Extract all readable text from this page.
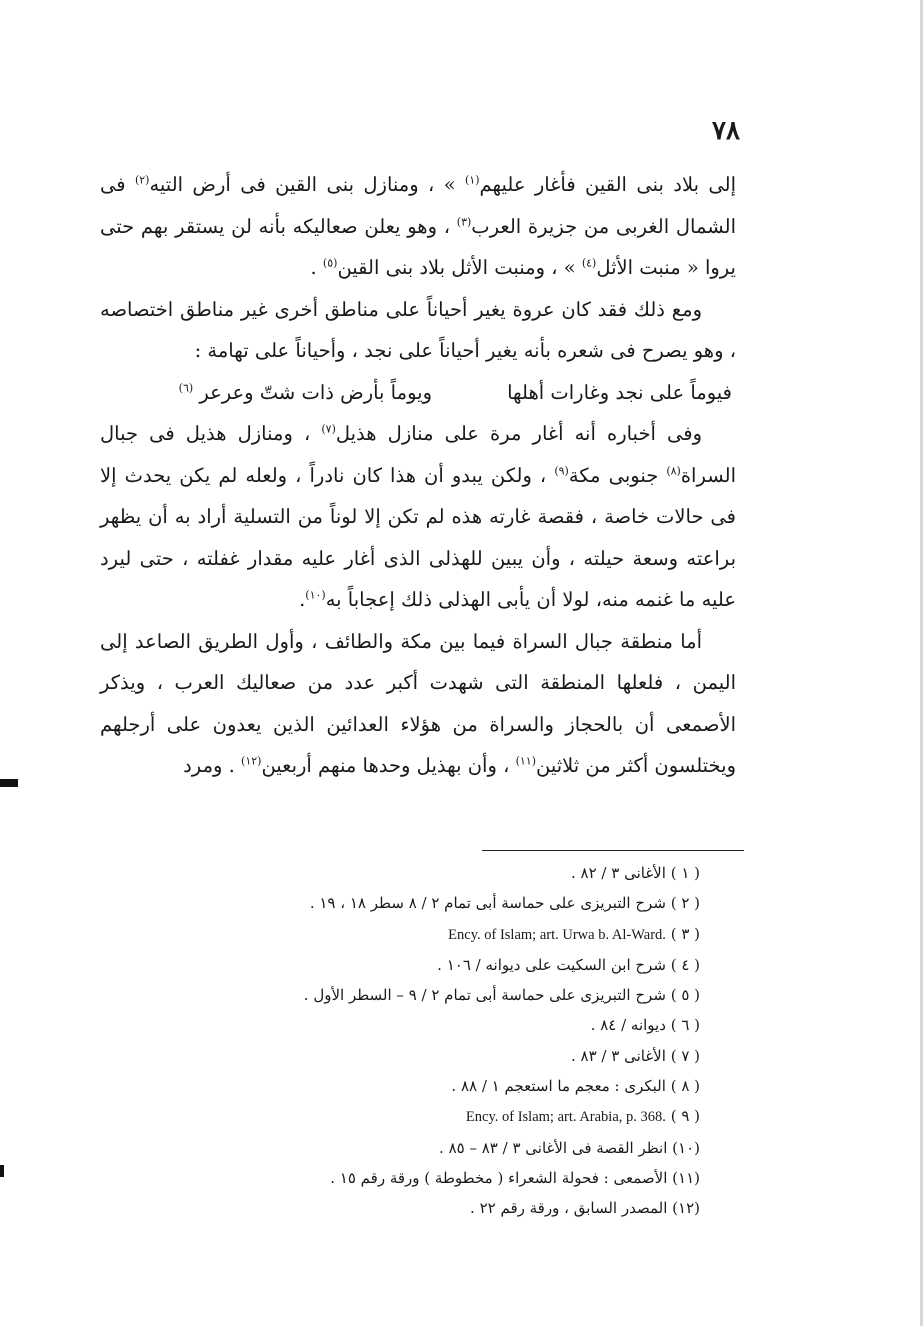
٧٨

إلى بلاد بنى القين فأغار عليهم$^{(١)}$ » ، ومنازل بنى القين فى أرض التيه$^{(٢)}$ فى الشمال الغربى من جزيرة العرب$^{(٣)}$ ، وهو يعلن صعاليكه بأنه لن يستقر بهم حتى يروا « منبت الأثل$^{(٤)}$ » ، ومنبت الأثل بلاد بنى القين$^{(٥)}$ .

ومع ذلك فقد كان عروة يغير أحياناً على مناطق أخرى غير مناطق اختصاصه ، وهو يصرح فى شعره بأنه يغير أحياناً على نجد ، وأحياناً على تهامة :

فيوماً على نجد وغارات أهلها
ويوماً بأرض ذات شتّ وعرعر $^{(٦)}$

وفى أخباره أنه أغار مرة على منازل هذيل$^{(٧)}$ ، ومنازل هذيل فى جبال السراة$^{(٨)}$ جنوبى مكة$^{(٩)}$ ، ولكن يبدو أن هذا كان نادراً ، ولعله لم يكن يحدث إلا فى حالات خاصة ، فقصة غارته هذه لم تكن إلا لوناً من التسلية أراد به أن يظهر براعته وسعة حيلته ، وأن يبين للهذلى الذى أغار عليه مقدار غفلته ، حتى ليرد عليه ما غنمه منه، لولا أن يأبى الهذلى ذلك إعجاباً به$^{(١٠)}$.

أما منطقة جبال السراة فيما بين مكة والطائف ، وأول الطريق الصاعد إلى اليمن ، فلعلها المنطقة التى شهدت أكبر عدد من صعاليك العرب ، ويذكر الأصمعى أن بالحجاز والسراة من هؤلاء العدائين الذين يعدون على أرجلهم ويختلسون أكثر من ثلاثين$^{(١١)}$ ، وأن بهذيل وحدها منهم أربعين$^{(١٢)}$ . ومرد

( ١ ) الأغانى ٣ / ٨٢ .
( ٢ ) شرح التبريزى على حماسة أبى تمام ٢ / ٨ سطر ١٨ ، ١٩ .
( ٣ ) Ency. of Islam; art. Urwa b. Al-Ward.
( ٤ ) شرح ابن السكيت على ديوانه / ١٠٦ .
( ٥ ) شرح التبريزى على حماسة أبى تمام ٢ / ٩ – السطر الأول .
( ٦ ) ديوانه / ٨٤ .
( ٧ ) الأغانى ٣ / ٨٣ .
( ٨ ) البكرى : معجم ما استعجم ١ / ٨٨ .
( ٩ ) Ency. of Islam; art. Arabia, p. 368.
(١٠) انظر القصة فى الأغانى ٣ / ٨٣ – ٨٥ .
(١١) الأصمعى : فحولة الشعراء ( مخطوطة ) ورقة رقم ١٥ .
(١٢) المصدر السابق ، ورقة رقم ٢٢ .
